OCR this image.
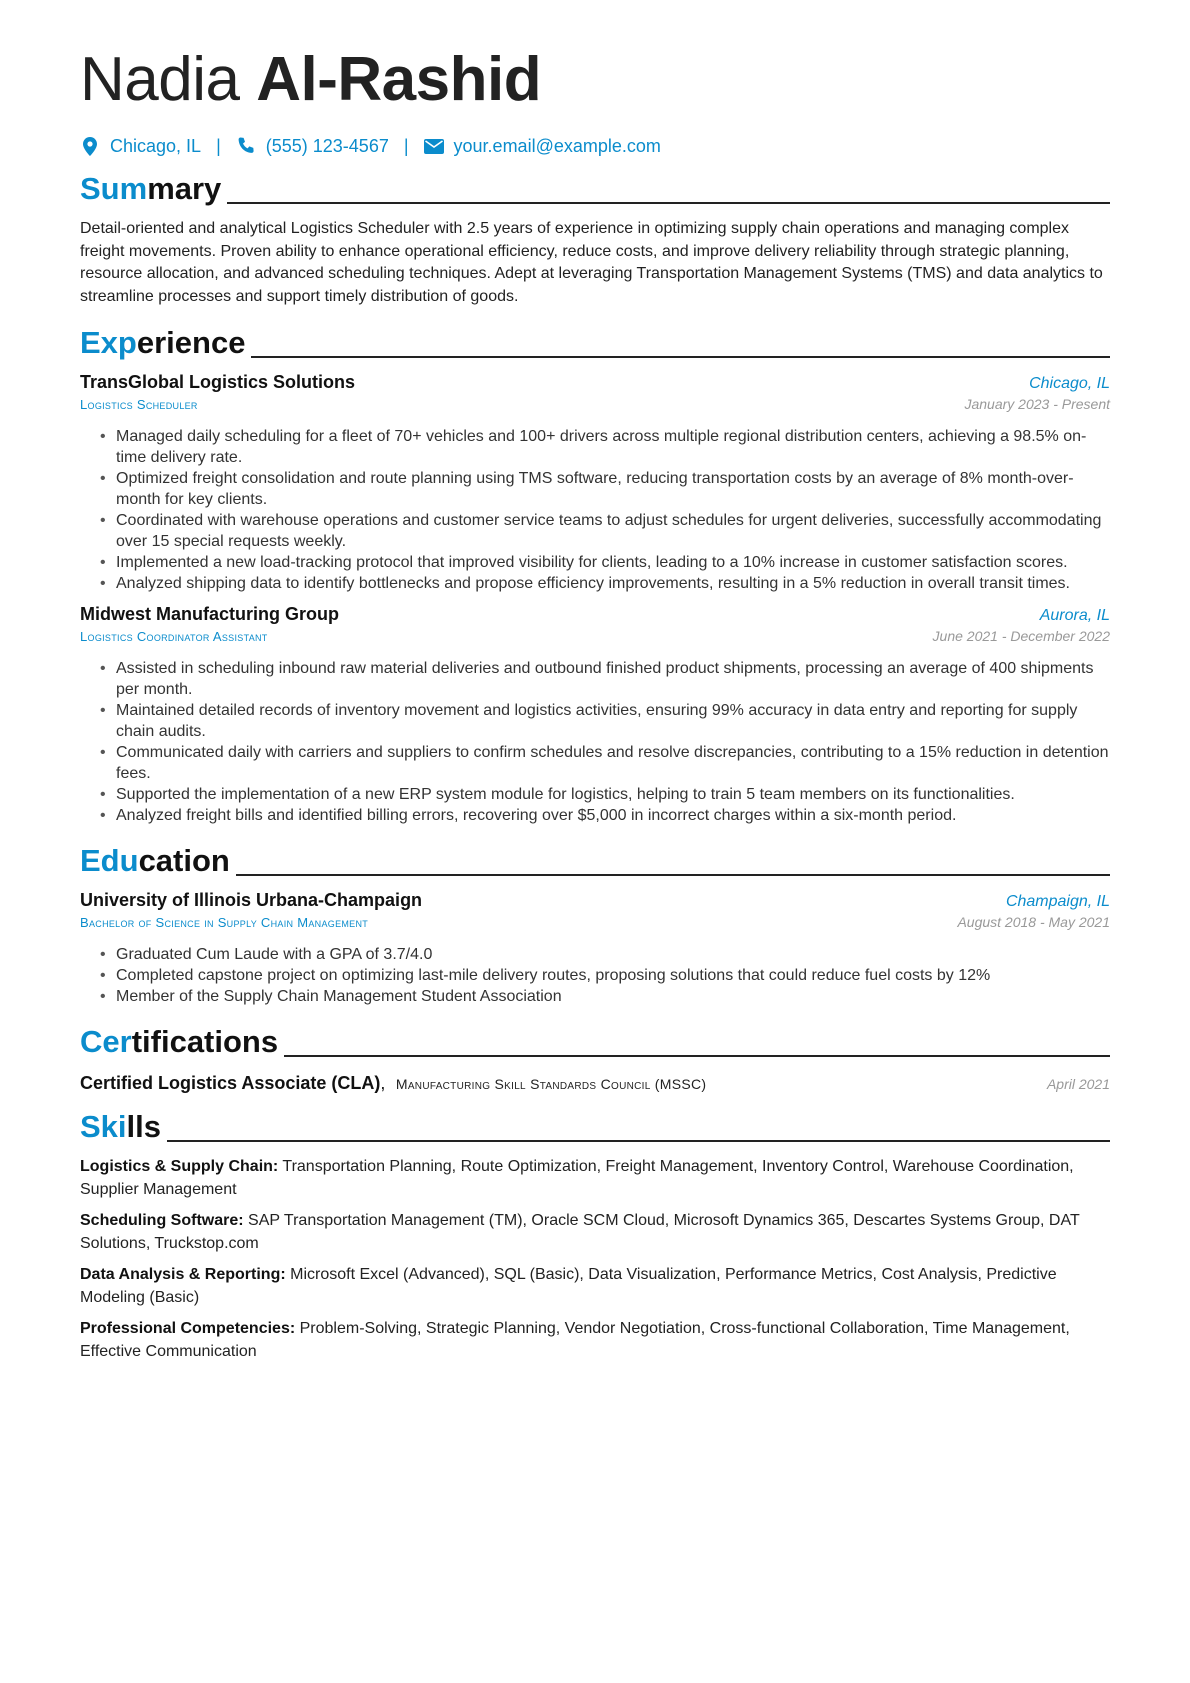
Nadia Al-Rashid
Chicago, IL |	(555) 123-4567 |	your.email@example.com
Summary
Detail-oriented and analytical Logistics Scheduler with 2.5 years of experience in optimizing supply chain operations and managing complex freight movements. Proven ability to enhance operational efficiency, reduce costs, and improve delivery reliability through strategic planning, resource allocation, and advanced scheduling techniques. Adept at leveraging Transportation Management Systems (TMS) and data analytics to streamline processes and support timely distribution of goods.
Experience
TransGlobal Logistics Solutions	Chicago, IL
Logistics Scheduler	January 2023 - Present
• Managed daily scheduling for a fleet of 70+ vehicles and 100+ drivers across multiple regional distribution centers, achieving a 98.5% on-time delivery rate.
• Optimized freight consolidation and route planning using TMS software, reducing transportation costs by an average of 8% month-over-month for key clients.
• Coordinated with warehouse operations and customer service teams to adjust schedules for urgent deliveries, successfully accommodating over 15 special requests weekly.
• Implemented a new load-tracking protocol that improved visibility for clients, leading to a 10% increase in customer satisfaction scores.
• Analyzed shipping data to identify bottlenecks and propose efficiency improvements, resulting in a 5% reduction in overall transit times.
Midwest Manufacturing Group	Aurora, IL
Logistics Coordinator Assistant	June 2021 - December 2022
• Assisted in scheduling inbound raw material deliveries and outbound finished product shipments, processing an average of 400 shipments per month.
• Maintained detailed records of inventory movement and logistics activities, ensuring 99% accuracy in data entry and reporting for supply chain audits.
• Communicated daily with carriers and suppliers to confirm schedules and resolve discrepancies, contributing to a 15% reduction in detention fees.
• Supported the implementation of a new ERP system module for logistics, helping to train 5 team members on its functionalities.
• Analyzed freight bills and identified billing errors, recovering over $5,000 in incorrect charges within a six-month period.
Education
University of Illinois Urbana-Champaign	Champaign, IL
Bachelor of Science in Supply Chain Management	August 2018 - May 2021
• Graduated Cum Laude with a GPA of 3.7/4.0
• Completed capstone project on optimizing last-mile delivery routes, proposing solutions that could reduce fuel costs by 12%
• Member of the Supply Chain Management Student Association
Certifications
Certified Logistics Associate (CLA), Manufacturing Skill Standards Council (MSSC)	April 2021
Skills
Logistics & Supply Chain: Transportation Planning, Route Optimization, Freight Management, Inventory Control, Warehouse Coordination, Supplier Management
Scheduling Software: SAP Transportation Management (TM), Oracle SCM Cloud, Microsoft Dynamics 365, Descartes Systems Group, DAT Solutions, Truckstop.com
Data Analysis & Reporting: Microsoft Excel (Advanced), SQL (Basic), Data Visualization, Performance Metrics, Cost Analysis, Predictive Modeling (Basic)
Professional Competencies: Problem-Solving, Strategic Planning, Vendor Negotiation, Cross-functional Collaboration, Time Management, Effective Communication
